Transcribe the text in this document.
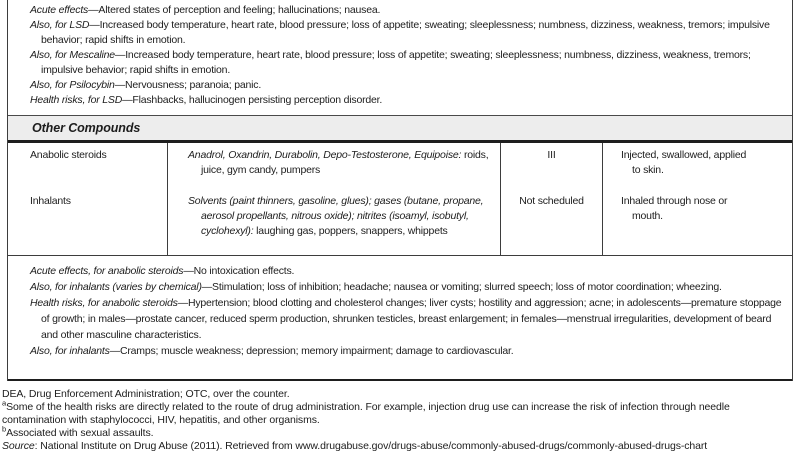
Acute effects—Altered states of perception and feeling; hallucinations; nausea.

Also, for LSD—Increased body temperature, heart rate, blood pressure; loss of appetite; sweating; sleeplessness; numbness, dizziness, weakness, tremors; impulsive behavior; rapid shifts in emotion.

Also, for Mescaline—Increased body temperature, heart rate, blood pressure; loss of appetite; sweating; sleeplessness; numbness, dizziness, weakness, tremors; impulsive behavior; rapid shifts in emotion.

Also, for Psilocybin—Nervousness; paranoia; panic.

Health risks, for LSD—Flashbacks, hallucinogen persisting perception disorder.

Other Compounds

Anabolic steroids

Inhalants

Anadrol, Oxandrin, Durabolin, Depo-Testosterone, Equipoise: roids, juice, gym candy, pumpers

Solvents (paint thinners, gasoline, glues); gases (butane, propane, aerosol propellants, nitrous oxide); nitrites (isoamyl, isobutyl, cyclohexyl): laughing gas, poppers, snappers, whippets

III

Not scheduled

Injected, swallowed, applied
to skin.

Inhaled through nose or
mouth.

Acute effects, for anabolic steroids—No intoxication effects.

Also, for inhalants (varies by chemical)—Stimulation; loss of inhibition; headache; nausea or vomiting; slurred speech; loss of motor coordination; wheezing.

Health risks, for anabolic steroids—Hypertension; blood clotting and cholesterol changes; liver cysts; hostility and aggression; acne; in adolescents—premature stoppage of growth; in males—prostate cancer, reduced sperm production, shrunken testicles, breast enlargement; in females—menstrual irregularities, development of beard and other masculine characteristics.

Also, for inhalants—Cramps; muscle weakness; depression; memory impairment; damage to cardiovascular.

DEA, Drug Enforcement Administration; OTC, over the counter.

$^a$Some of the health risks are directly related to the route of drug administration. For example, injection drug use can increase the risk of infection through needle contamination with staphylococci, HIV, hepatitis, and other organisms.

$^b$Associated with sexual assaults.

Source: National Institute on Drug Abuse (2011). Retrieved from www.drugabuse.gov/drugs-abuse/commonly-abused-drugs/commonly-abused-drugs-chart
